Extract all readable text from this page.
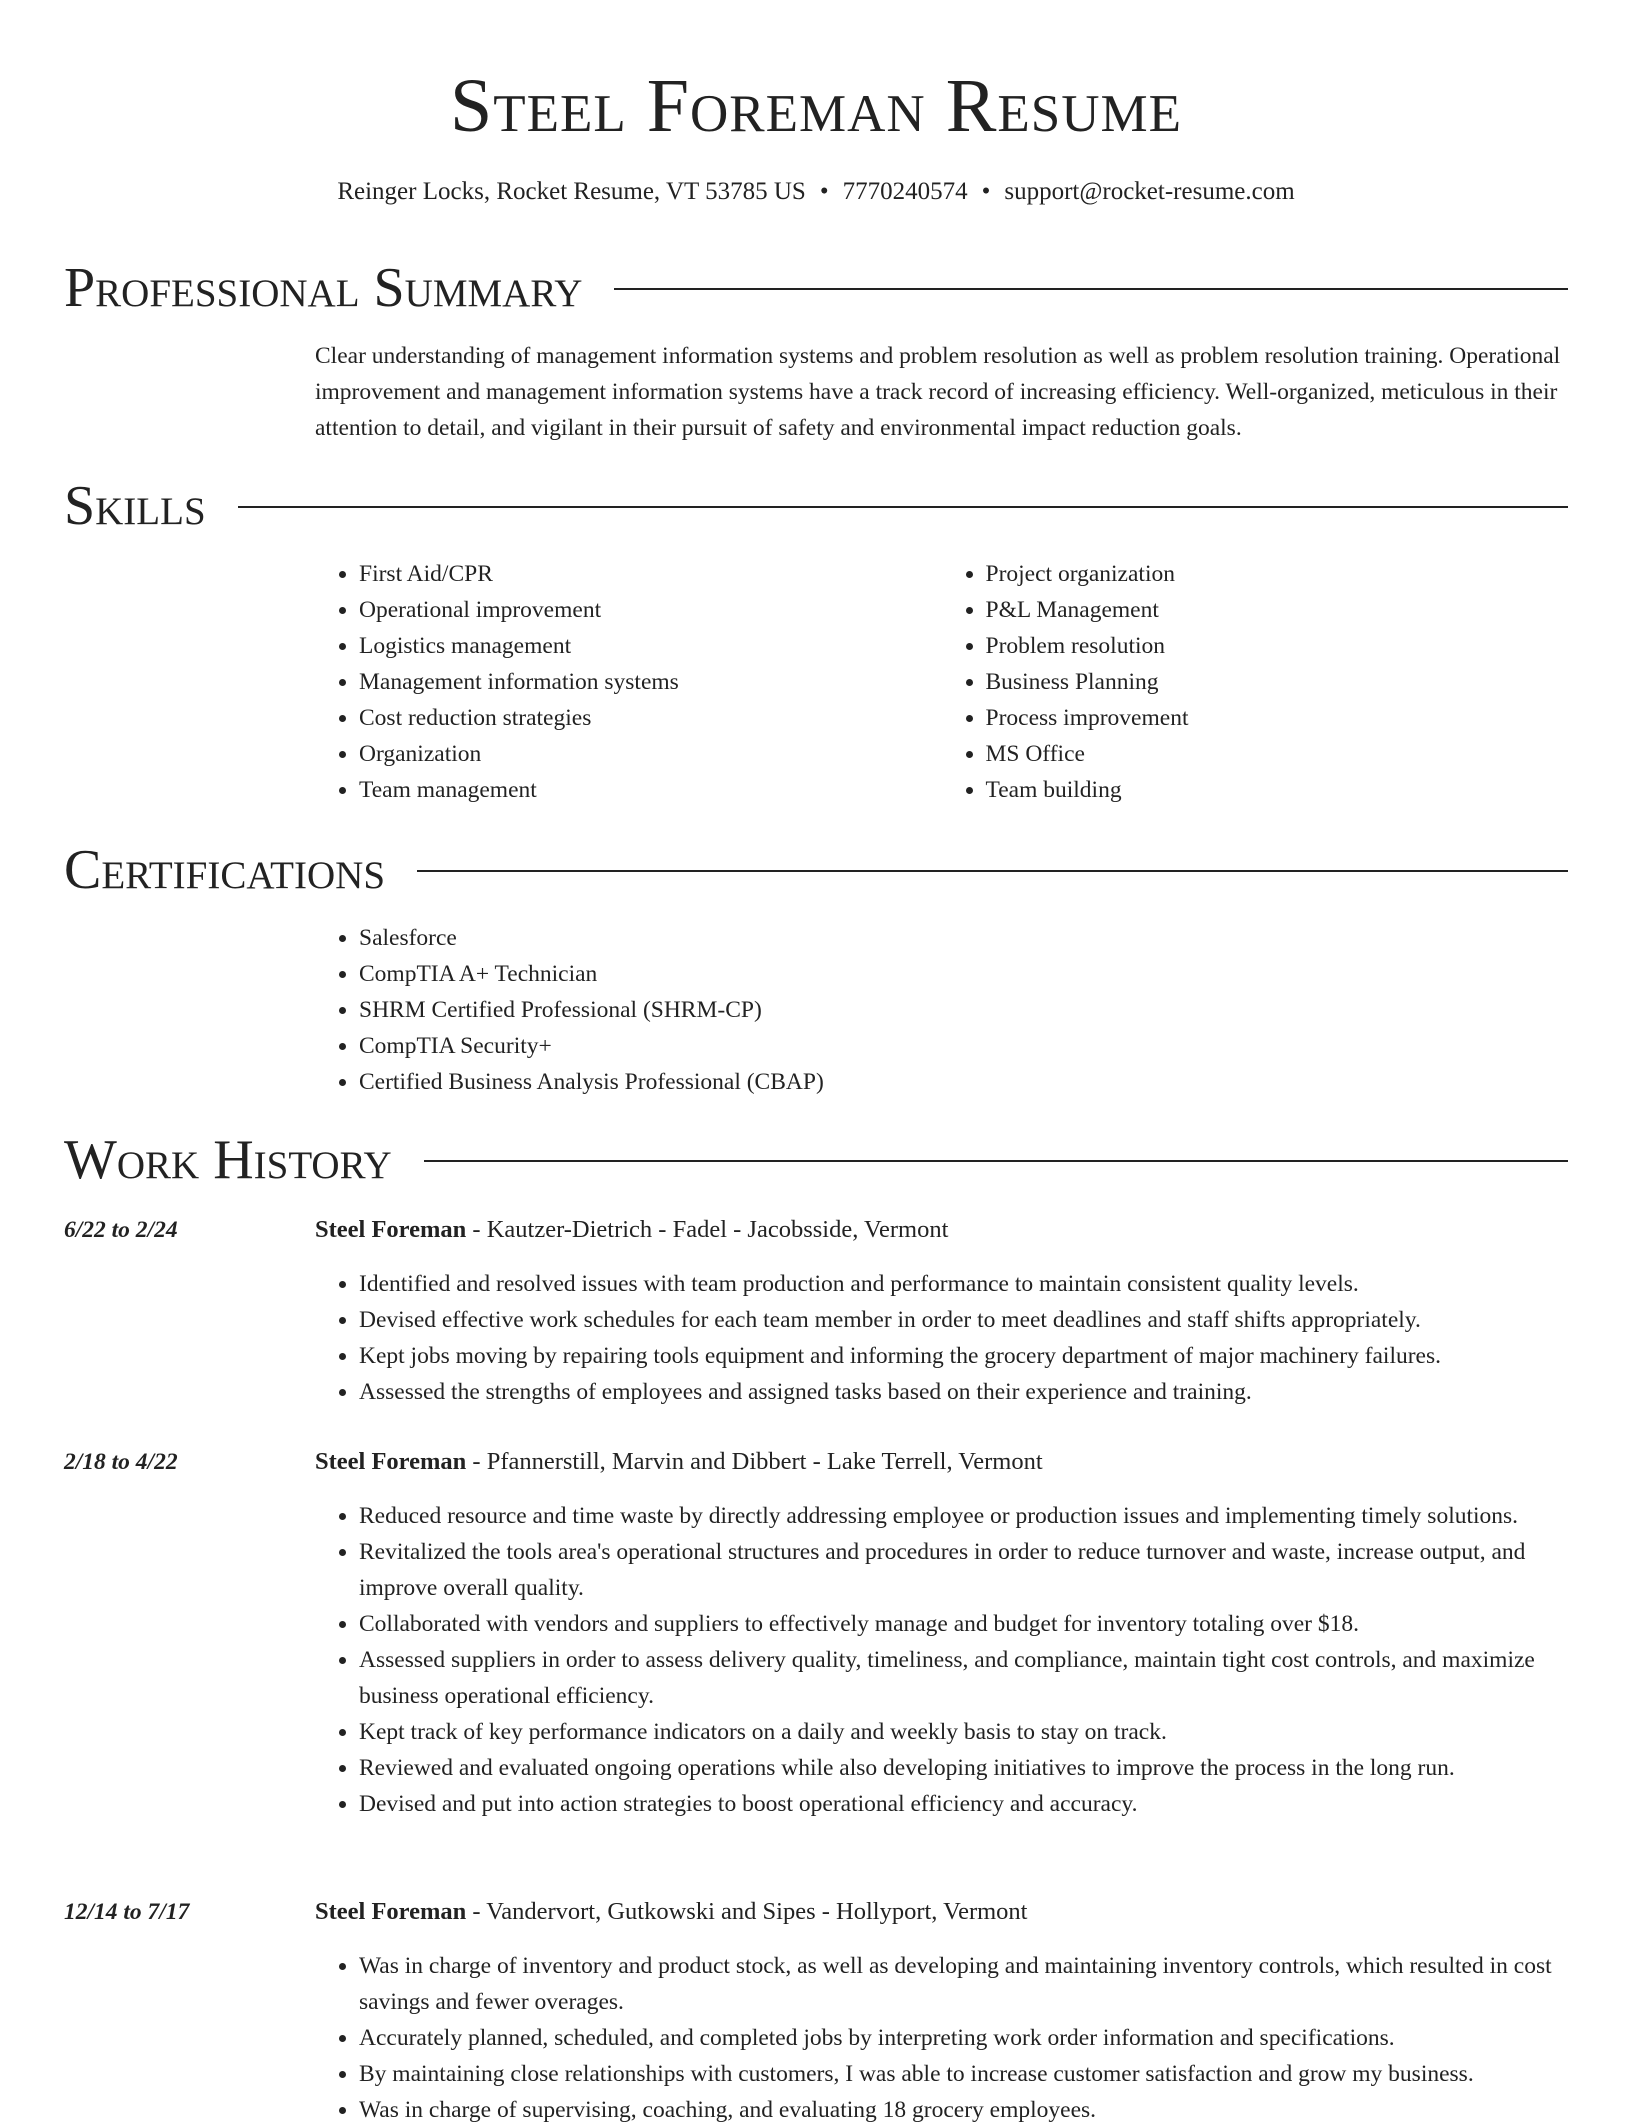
Steel Foreman Resume
Reinger Locks, Rocket Resume, VT 53785 US • 7770240574 • support@rocket-resume.com
Professional Summary

Clear understanding of management information systems and problem resolution as well as problem resolution training. Operational improvement and management information systems have a track record of increasing efficiency. Well-organized, meticulous in their attention to detail, and vigilant in their pursuit of safety and environmental impact reduction goals.

Skills
• First Aid/CPR
• Operational improvement
• Logistics management
• Management information systems
• Cost reduction strategies
• Organization
• Team management
• Project organization
• P&L Management
• Problem resolution
• Business Planning
• Process improvement
• MS Office
• Team building
Certifications
• Salesforce
• CompTIA A+ Technician
• SHRM Certified Professional (SHRM-CP)
• CompTIA Security+
• Certified Business Analysis Professional (CBAP)
Work History
6/22 to 2/24	Steel Foreman - Kautzer-Dietrich - Fadel - Jacobsside, Vermont
• Identified and resolved issues with team production and performance to maintain consistent quality levels.
• Devised effective work schedules for each team member in order to meet deadlines and staff shifts appropriately.
• Kept jobs moving by repairing tools equipment and informing the grocery department of major machinery failures.
• Assessed the strengths of employees and assigned tasks based on their experience and training.
2/18 to 4/22	Steel Foreman - Pfannerstill, Marvin and Dibbert - Lake Terrell, Vermont
• Reduced resource and time waste by directly addressing employee or production issues and implementing timely solutions.
• Revitalized the tools area's operational structures and procedures in order to reduce turnover and waste, increase output, and improve overall quality.
• Collaborated with vendors and suppliers to effectively manage and budget for inventory totaling over $18.
• Assessed suppliers in order to assess delivery quality, timeliness, and compliance, maintain tight cost controls, and maximize business operational efficiency.
• Kept track of key performance indicators on a daily and weekly basis to stay on track.
• Reviewed and evaluated ongoing operations while also developing initiatives to improve the process in the long run.
• Devised and put into action strategies to boost operational efficiency and accuracy.
12/14 to 7/17	Steel Foreman - Vandervort, Gutkowski and Sipes - Hollyport, Vermont
• Was in charge of inventory and product stock, as well as developing and maintaining inventory controls, which resulted in cost savings and fewer overages.
• Accurately planned, scheduled, and completed jobs by interpreting work order information and specifications.
• By maintaining close relationships with customers, I was able to increase customer satisfaction and grow my business.
• Was in charge of supervising, coaching, and evaluating 18 grocery employees.
